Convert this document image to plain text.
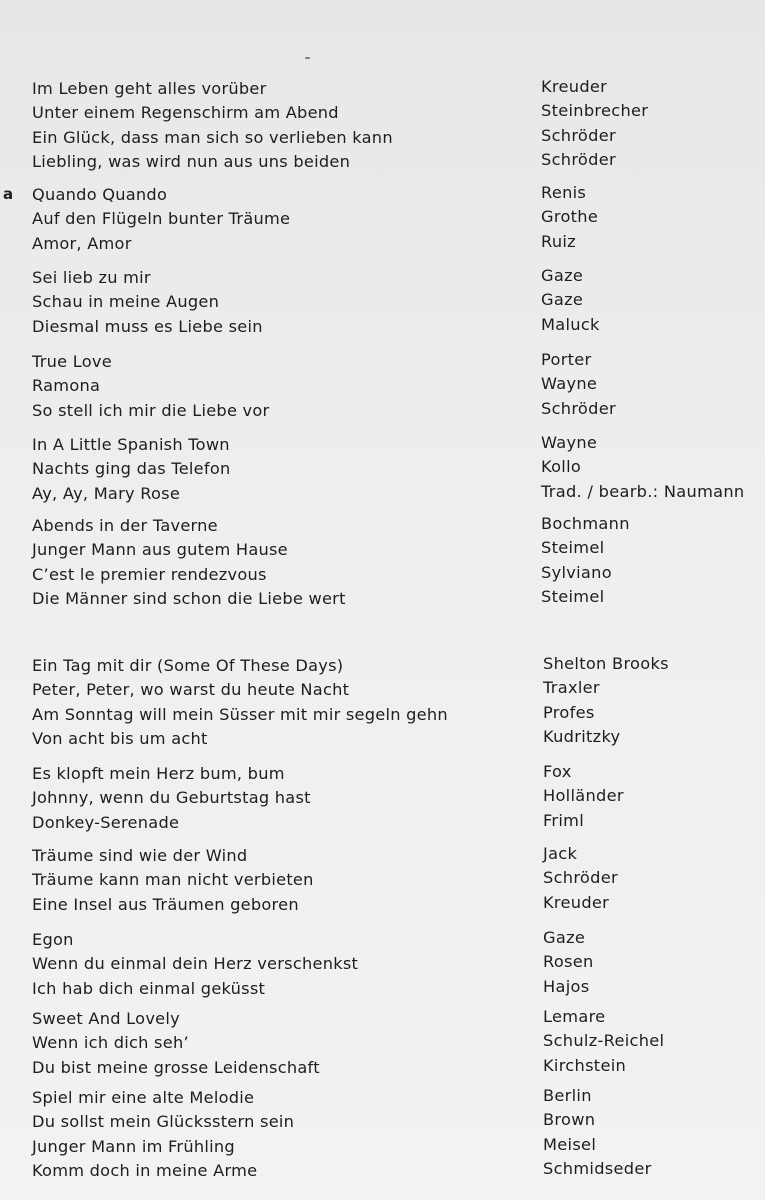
a
Im Leben geht alles vorüber	Kreuder
Unter einem Regenschirm am Abend	Steinbrecher
Ein Glück, dass man sich so verlieben kann	Schröder
Liebling, was wird nun aus uns beiden	Schröder
Quando Quando	Renis
Auf den Flügeln bunter Träume	Grothe
Amor, Amor	Ruiz
Sei lieb zu mir	Gaze
Schau in meine Augen	Gaze
Diesmal muss es Liebe sein	Maluck
True Love	Porter
Ramona	Wayne
So stell ich mir die Liebe vor	Schröder
In A Little Spanish Town	Wayne
Nachts ging das Telefon	Kollo
Ay, Ay, Mary Rose	Trad. / bearb.: Naumann
Abends in der Taverne	Bochmann
Junger Mann aus gutem Hause	Steimel
C’est le premier rendezvous	Sylviano
Die Männer sind schon die Liebe wert	Steimel
Ein Tag mit dir (Some Of These Days)	Shelton Brooks
Peter, Peter, wo warst du heute Nacht	Traxler
Am Sonntag will mein Süsser mit mir segeln gehn	Profes
Von acht bis um acht	Kudritzky
Es klopft mein Herz bum, bum	Fox
Johnny, wenn du Geburtstag hast	Holländer
Donkey-Serenade	Friml
Träume sind wie der Wind	Jack
Träume kann man nicht verbieten	Schröder
Eine Insel aus Träumen geboren	Kreuder
Egon	Gaze
Wenn du einmal dein Herz verschenkst	Rosen
Ich hab dich einmal geküsst	Hajos
Sweet And Lovely	Lemare
Wenn ich dich seh’	Schulz-Reichel
Du bist meine grosse Leidenschaft	Kirchstein
Spiel mir eine alte Melodie	Berlin
Du sollst mein Glücksstern sein	Brown
Junger Mann im Frühling	Meisel
Komm doch in meine Arme	Schmidseder
